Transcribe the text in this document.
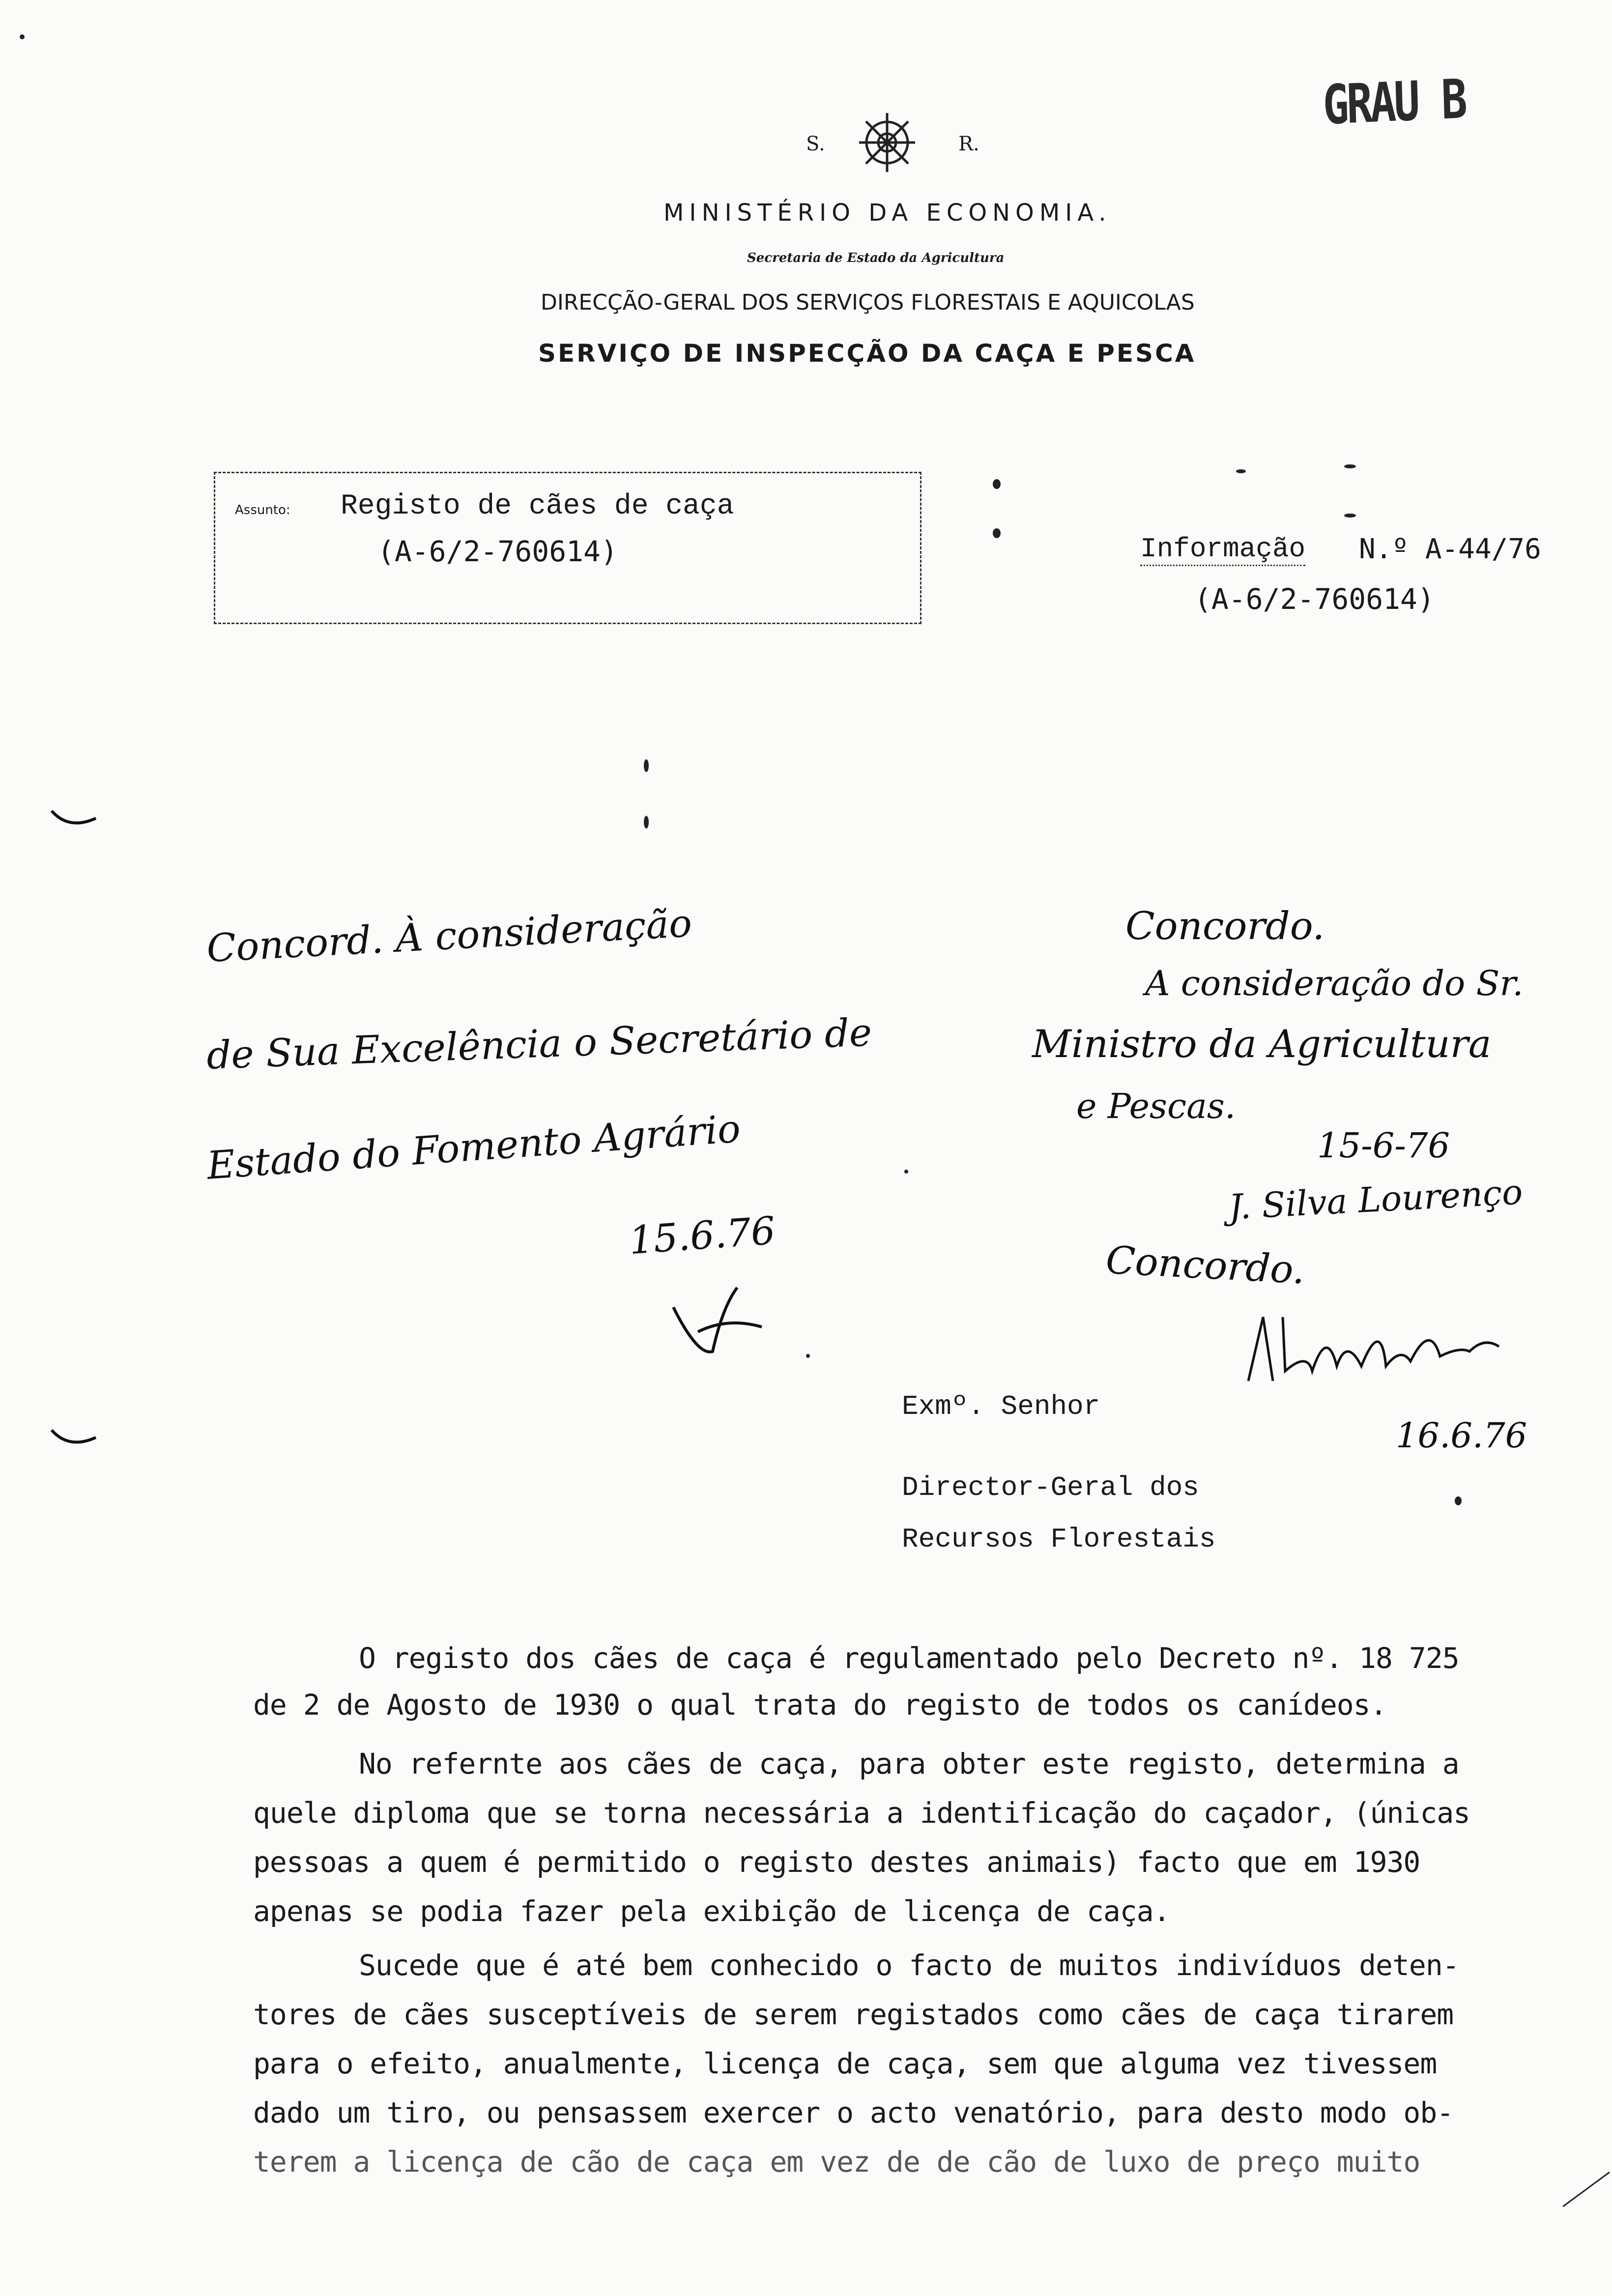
S.	R.
MINISTÉRIO DA ECONOMIA.
Secretaria de Estado da Agricultura
DIRECÇÃO-GERAL DOS SERVIÇOS FLORESTAIS E AQUICOLAS
SERVIÇO DE INSPECÇÃO DA CAÇA E PESCA
GRAU B
Assunto: Registo de cães de caça
(A-6/2-760614)	Informação N.º A-44/76
(A-6/2-760614)
Concord. À consideração
de Sua Excelência o Secretário de
Estado do Fomento Agrário
15.6.76
Concordo.
A consideração do Sr.
Ministro da Agricultura
e Pescas.
15-6-76
J. Silva Lourenço
Concordo.
16.6.76
Exmº. Senhor
Director-Geral dos
Recursos Florestais
O registo dos cães de caça é regulamentado pelo Decreto nº. 18 725
de 2 de Agosto de 1930 o qual trata do registo de todos os canídeos.
No refernte aos cães de caça, para obter este registo, determina a
quele diploma que se torna necessária a identificação do caçador, (únicas
pessoas a quem é permitido o registo destes animais) facto que em 1930
apenas se podia fazer pela exibição de licença de caça.
Sucede que é até bem conhecido o facto de muitos indivíduos deten-
tores de cães susceptíveis de serem registados como cães de caça tirarem
para o efeito, anualmente, licença de caça, sem que alguma vez tivessem
dado um tiro, ou pensassem exercer o acto venatório, para desto modo ob-
terem a licença de cão de caça em vez de de cão de luxo de preço muito
